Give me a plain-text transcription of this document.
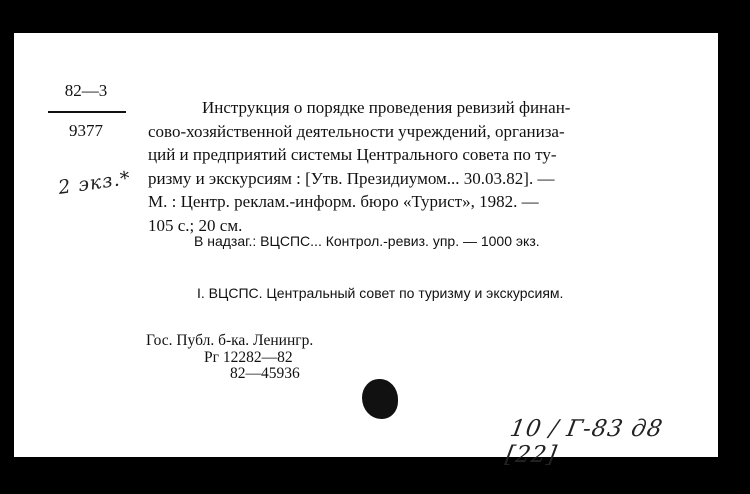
82—3
9377
2 экз.*
Инструкция о порядке проведения ревизий финан-
сово-хозяйственной деятельности учреждений, организа-
ций и предприятий системы Центрального совета по ту-
ризму и экскурсиям : [Утв. Президиумом... 30.03.82]. —
М. : Центр. реклам.-информ. бюро «Турист», 1982. —
105 с.; 20 см.
В надзаг.: ВЦСПС... Контрол.-ревиз. упр. — 1000 экз.
I. ВЦСПС. Центральный совет по туризму и экскурсиям.
Гос. Публ. б-ка. Ленингр.
Рг 12282—82
82—45936
10 / Г-83 д8 [22]
